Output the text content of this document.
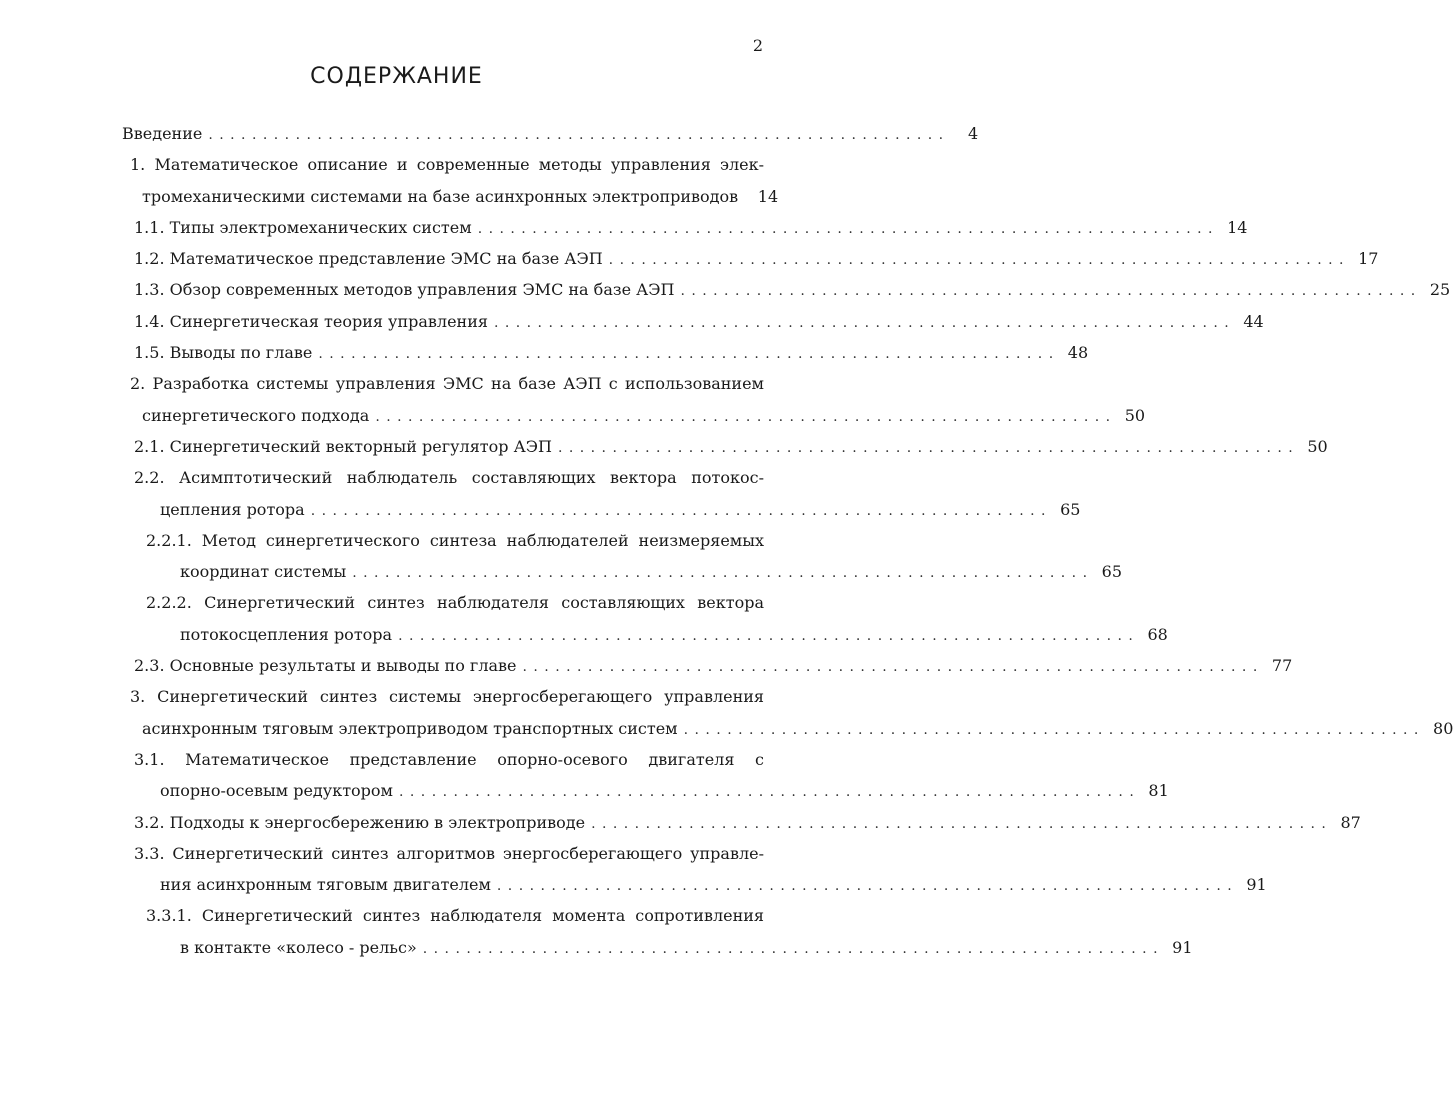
2
СОДЕРЖАНИЕ
Введение . . .	4
1. Математическое описание и современные методы управления элек-
тромеханическими системами на базе асинхронных электроприводов	14
1.1. Типы электромеханических систем . . .	14
1.2. Математическое представление ЭМС на базе АЭП . . .	17
1.3. Обзор современных методов управления ЭМС на базе АЭП . . .	25
1.4. Синергетическая теория управления . . .	44
1.5. Выводы по главе . . .	48
2. Разработка системы управления ЭМС на базе АЭП с использованием
синергетического подхода . . .	50
2.1. Синергетический векторный регулятор АЭП . . .	50
2.2. Асимптотический наблюдатель составляющих вектора потокос-
цепления ротора . . .	65
2.2.1. Метод синергетического синтеза наблюдателей неизмеряемых
координат системы . . .	65
2.2.2. Синергетический синтез наблюдателя составляющих вектора
потокосцепления ротора . . .	68
2.3. Основные результаты и выводы по главе . . .	77
3. Синергетический синтез системы энергосберегающего управления
асинхронным тяговым электроприводом транспортных систем . . .	80
3.1. Математическое представление опорно-осевого двигателя с
опорно-осевым редуктором . . .	81
3.2. Подходы к энергосбережению в электроприводе . . .	87
3.3. Синергетический синтез алгоритмов энергосберегающего управле-
ния асинхронным тяговым двигателем . . .	91
3.3.1. Синергетический синтез наблюдателя момента сопротивления
в контакте «колесо - рельс» . . .	91
